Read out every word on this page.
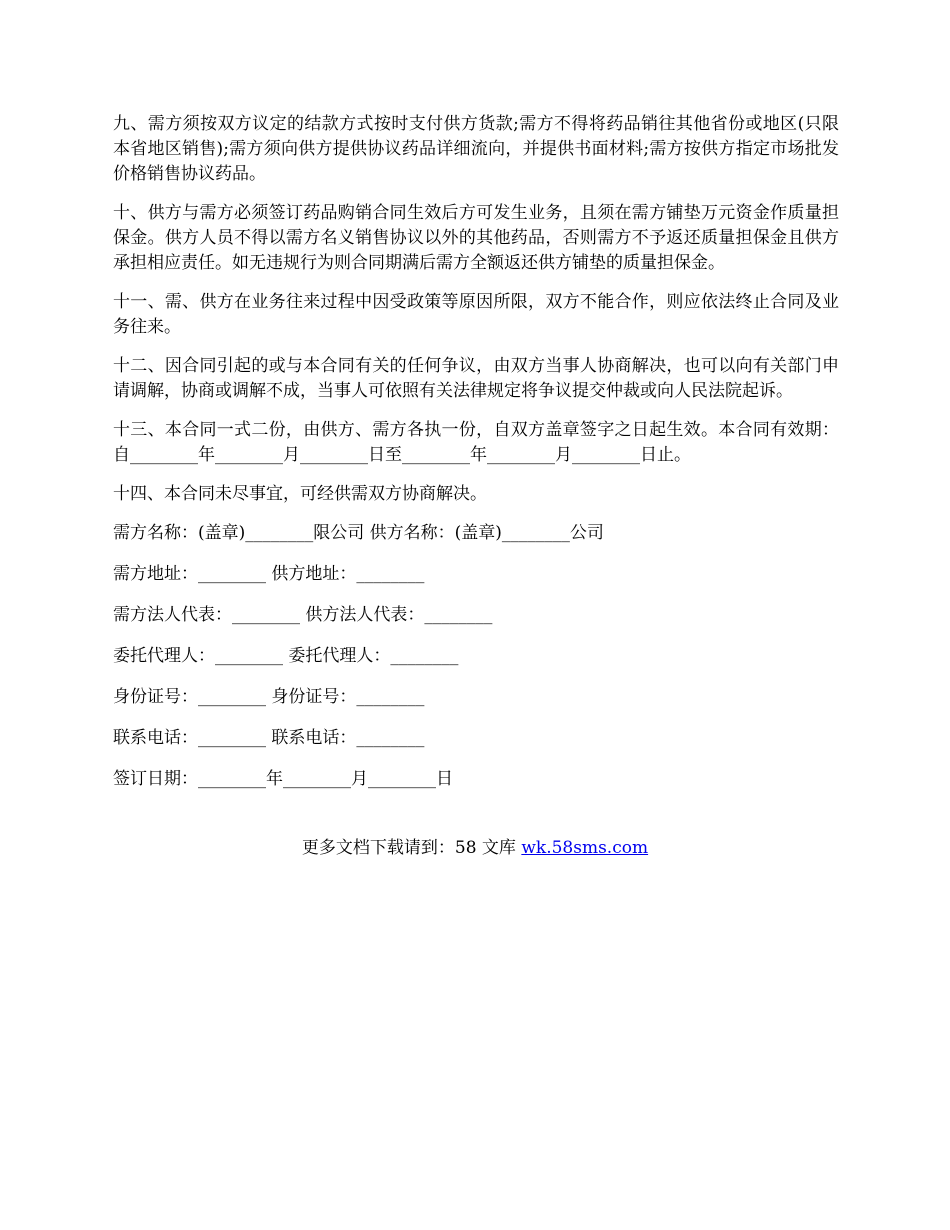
九、需方须按双方议定的结款方式按时支付供方货款;需方不得将药品销往其他省份或地区(只限本省地区销售);需方须向供方提供协议药品详细流向，并提供书面材料;需方按供方指定市场批发价格销售协议药品。

十、供方与需方必须签订药品购销合同生效后方可发生业务，且须在需方铺垫万元资金作质量担保金。供方人员不得以需方名义销售协议以外的其他药品，否则需方不予返还质量担保金且供方承担相应责任。如无违规行为则合同期满后需方全额返还供方铺垫的质量担保金。

十一、需、供方在业务往来过程中因受政策等原因所限，双方不能合作，则应依法终止合同及业务往来。

十二、因合同引起的或与本合同有关的任何争议，由双方当事人协商解决，也可以向有关部门申请调解，协商或调解不成，当事人可依照有关法律规定将争议提交仲裁或向人民法院起诉。

十三、本合同一式二份，由供方、需方各执一份，自双方盖章签字之日起生效。本合同有效期：自________年________月________日至________年________月________日止。

十四、本合同未尽事宜，可经供需双方协商解决。

需方名称：(盖章)________限公司 供方名称：(盖章)________公司
需方地址：________ 供方地址：________
需方法人代表：________ 供方法人代表：________
委托代理人：________ 委托代理人：________
身份证号：________ 身份证号：________
联系电话：________ 联系电话：________
签订日期：________年________月________日
更多文档下载请到：58 文库 wk.58sms.com
